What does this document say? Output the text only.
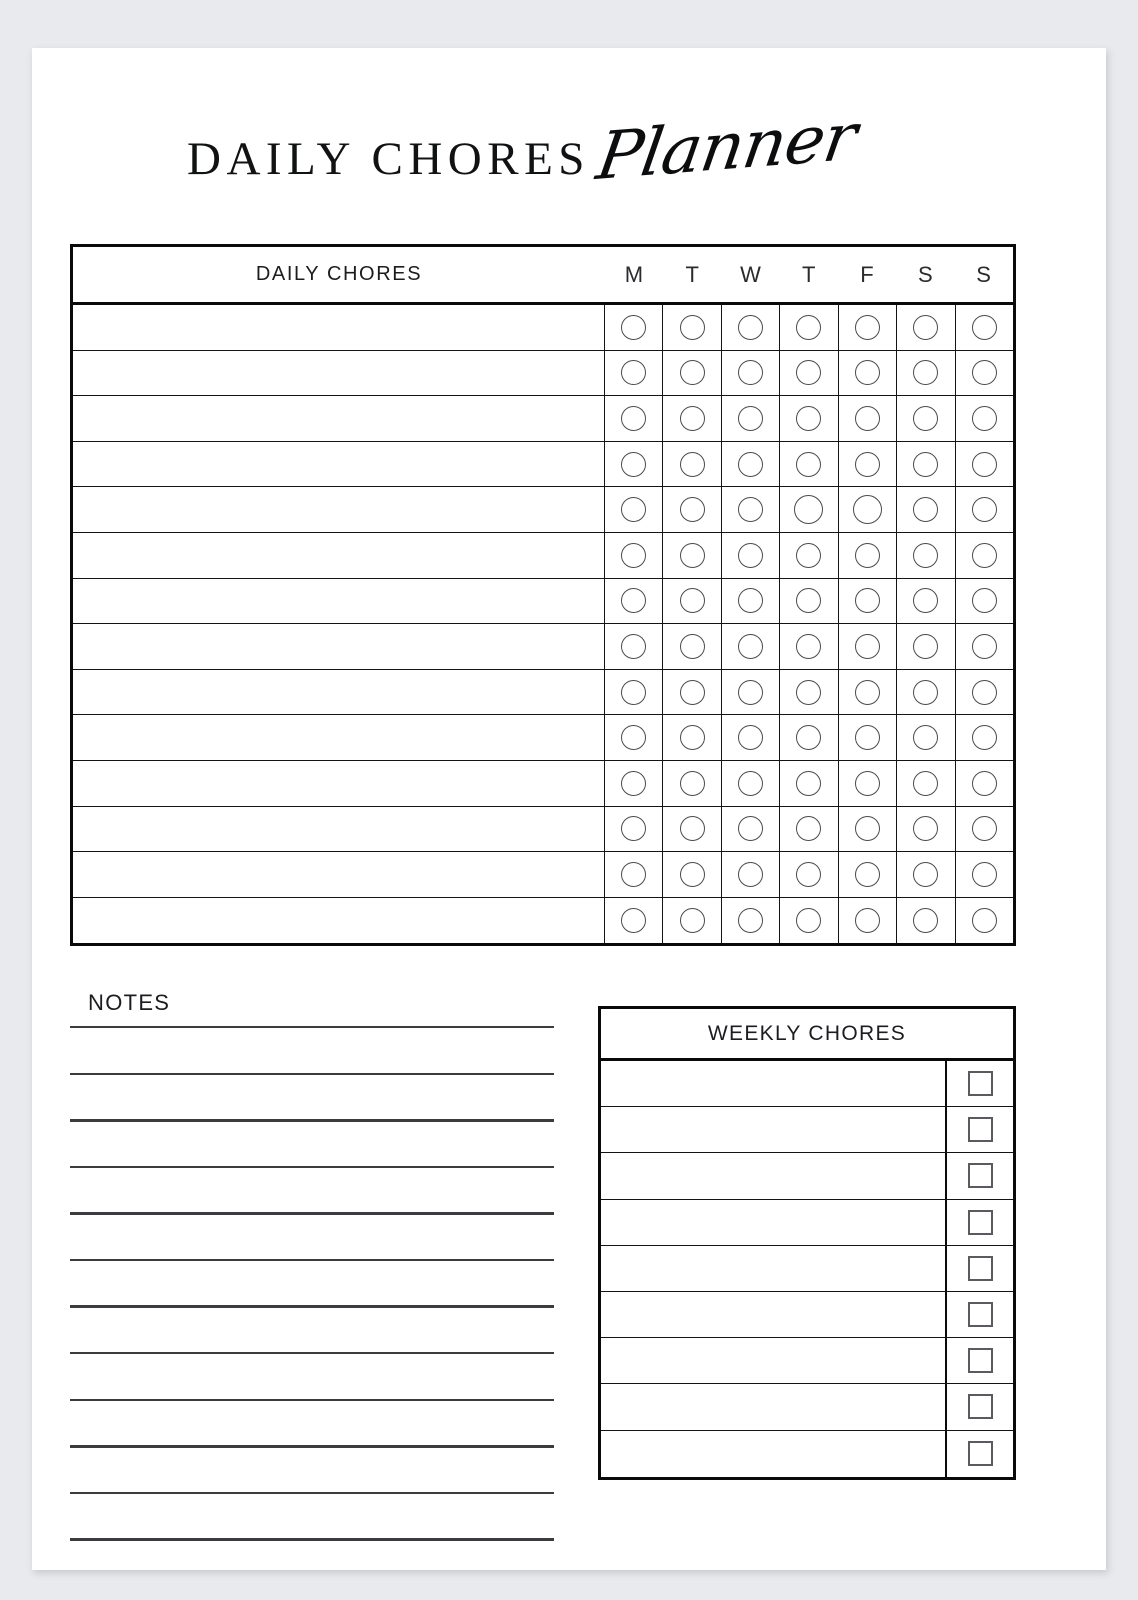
DAILY CHORES Planner
DAILY CHORES	M	T	W	T	F	S	S
NOTES
WEEKLY CHORES
